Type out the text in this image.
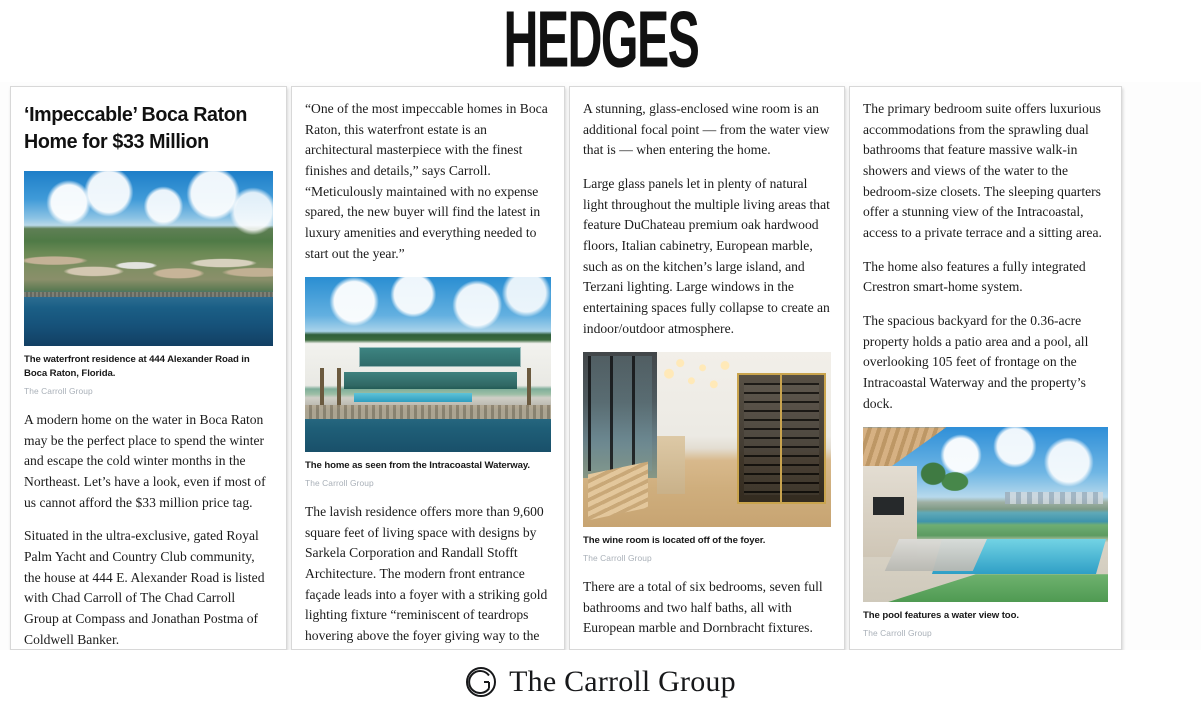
HEDGES
‘Impeccable’ Boca Raton Home for $33 Million
The waterfront residence at 444 Alexander Road in Boca Raton, Florida.
The Carroll Group

A modern home on the water in Boca Raton may be the perfect place to spend the winter and escape the cold winter months in the Northeast. Let’s have a look, even if most of us cannot afford the $33 million price tag.

Situated in the ultra-exclusive, gated Royal Palm Yacht and Country Club community, the house at 444 E. Alexander Road is listed with Chad Carroll of The Chad Carroll Group at Compass and Jonathan Postma of Coldwell Banker.

“One of the most impeccable homes in Boca Raton, this waterfront estate is an architectural masterpiece with the finest finishes and details,” says Carroll. “Meticulously maintained with no expense spared, the new buyer will find the latest in luxury amenities and everything needed to start out the year.”

The home as seen from the Intracoastal Waterway.
The Carroll Group

The lavish residence offers more than 9,600 square feet of living space with designs by Sarkela Corporation and Randall Stofft Architecture. The modern front entrance façade leads into a foyer with a striking gold lighting fixture “reminiscent of teardrops hovering above the foyer giving way to the

A stunning, glass-enclosed wine room is an additional focal point — from the water view that is — when entering the home.

Large glass panels let in plenty of natural light throughout the multiple living areas that feature DuChateau premium oak hardwood floors, Italian cabinetry, European marble, such as on the kitchen’s large island, and Terzani lighting. Large windows in the entertaining spaces fully collapse to create an indoor/outdoor atmosphere.

The wine room is located off of the foyer.
The Carroll Group

There are a total of six bedrooms, seven full bathrooms and two half baths, all with European marble and Dornbracht fixtures.

The primary bedroom suite offers luxurious accommodations from the sprawling dual bathrooms that feature massive walk-in showers and views of the water to the bedroom-size closets. The sleeping quarters offer a stunning view of the Intracoastal, access to a private terrace and a sitting area.

The home also features a fully integrated Crestron smart-home system.

The spacious backyard for the 0.36-acre property holds a patio area and a pool, all overlooking 105 feet of frontage on the Intracoastal Waterway and the property’s dock.

The pool features a water view too.
The Carroll Group
The Carroll Group
